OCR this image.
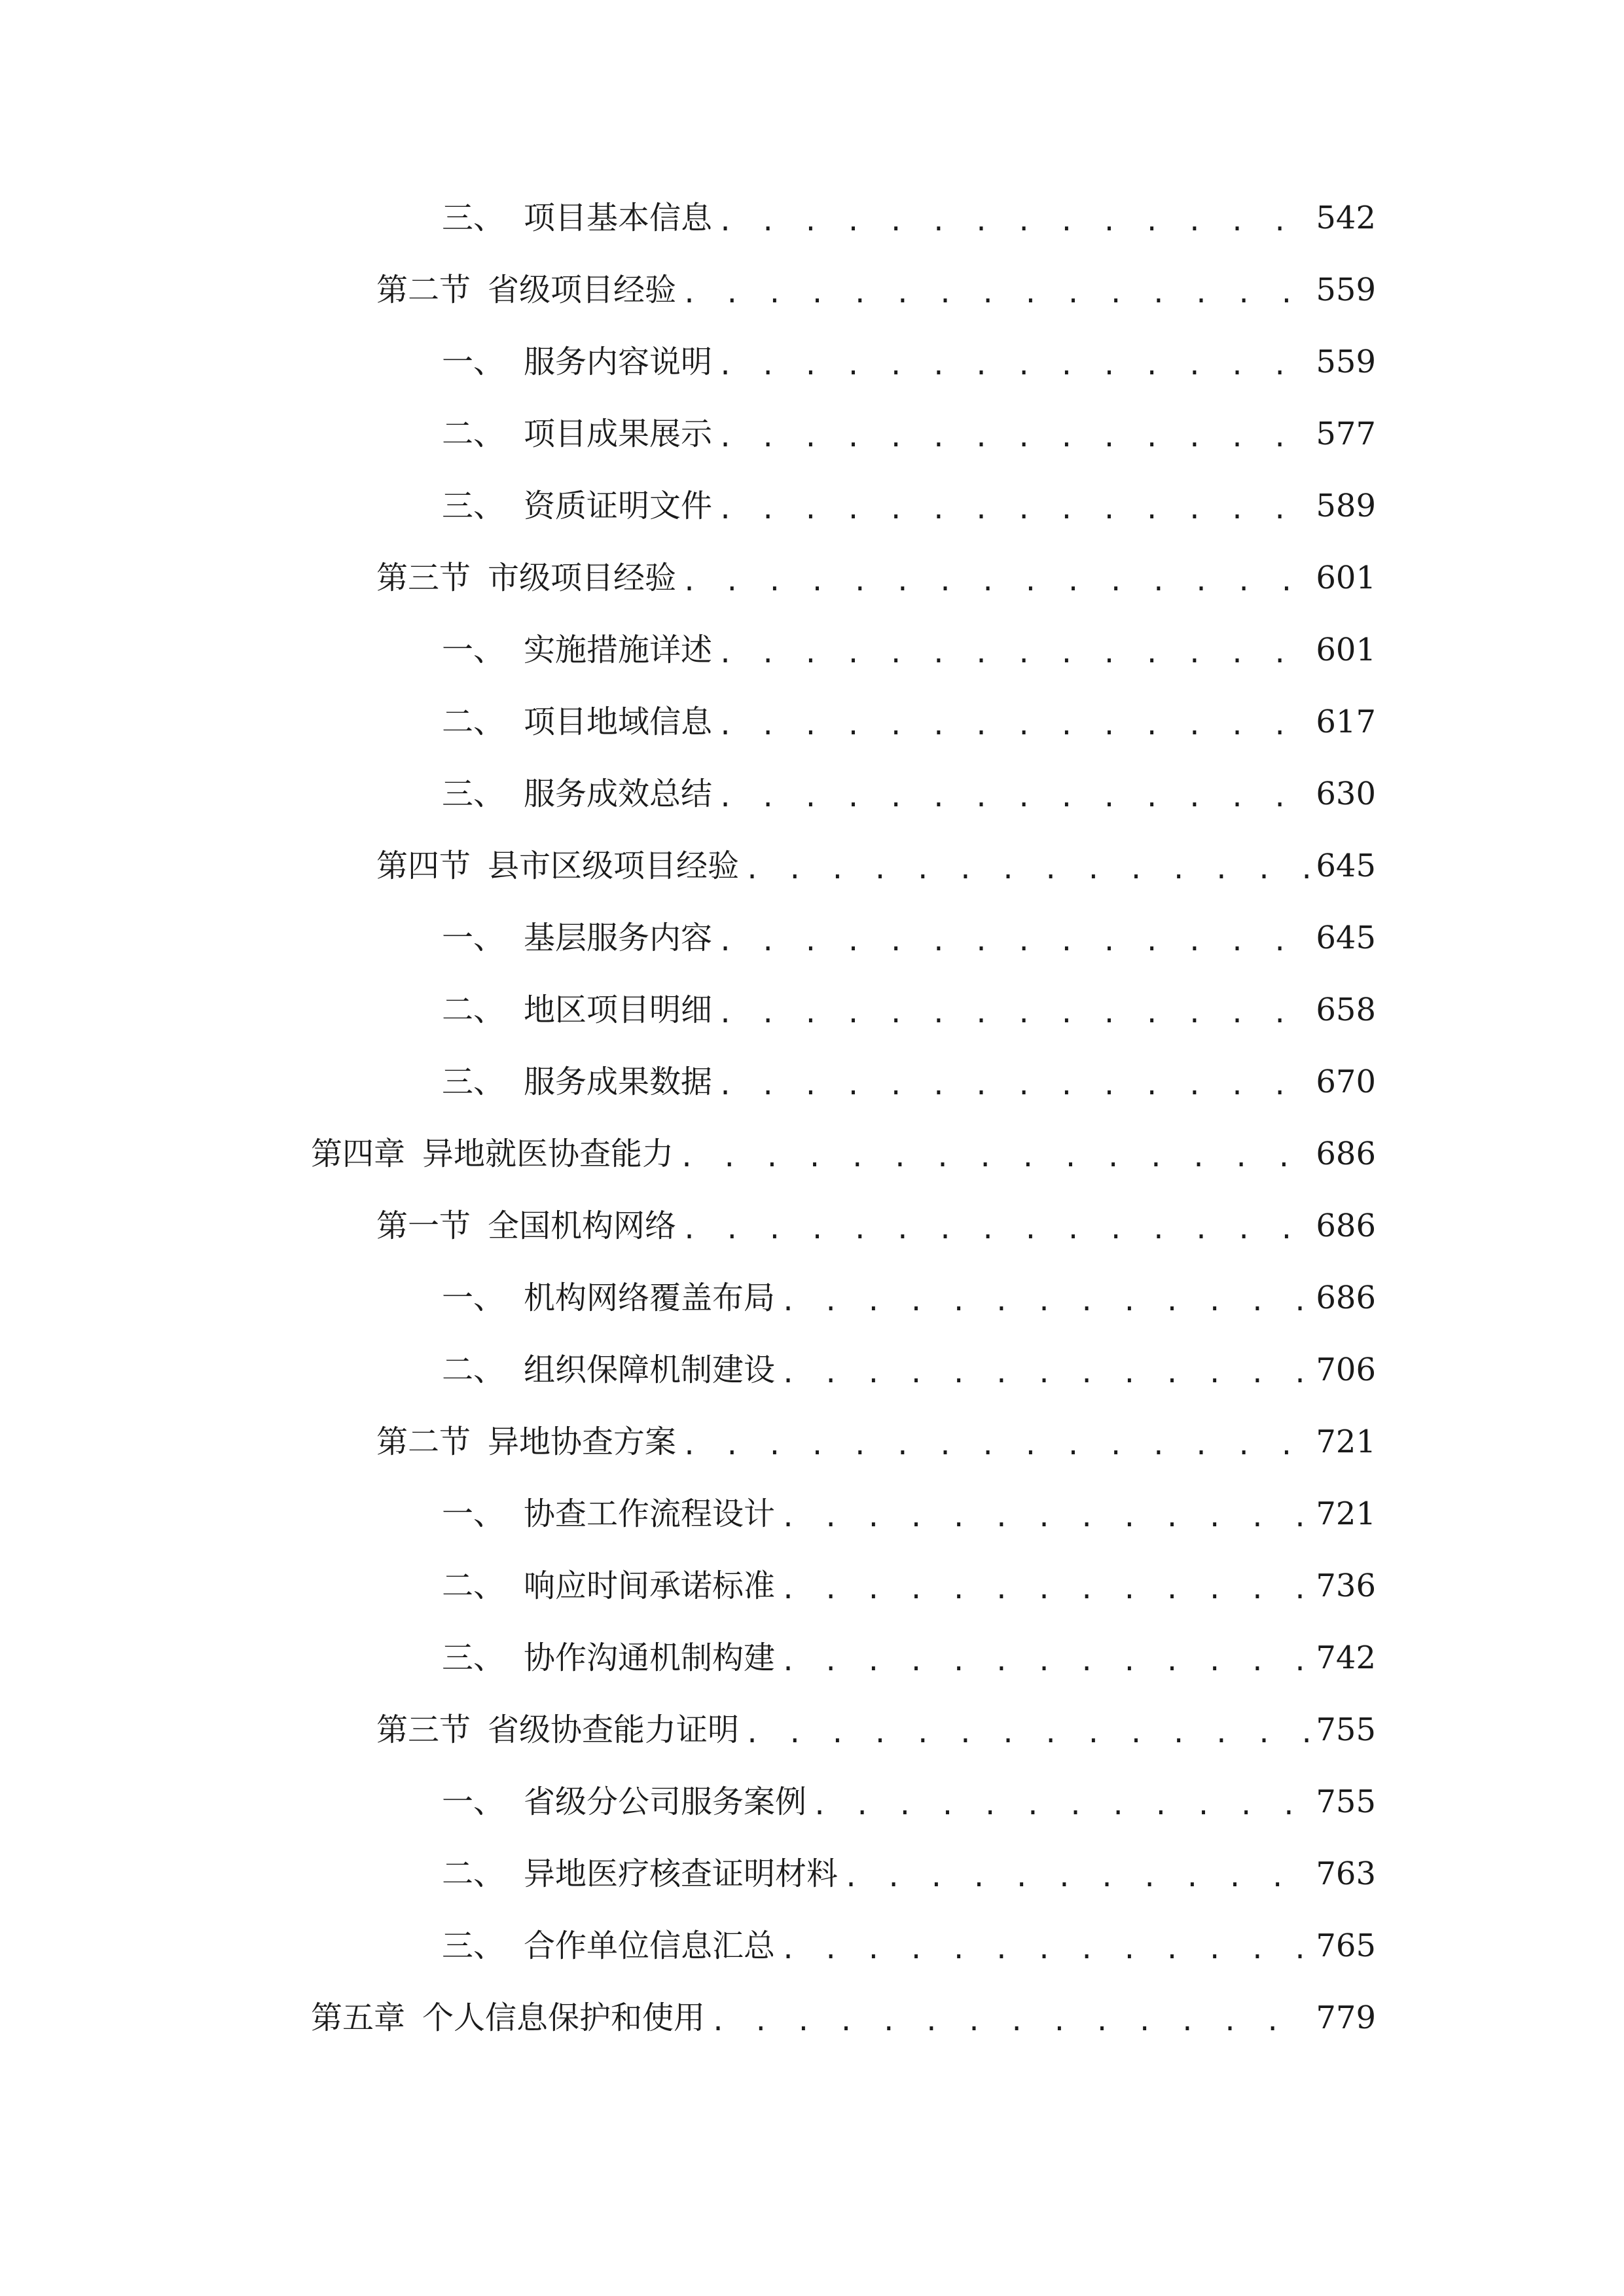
三、 项目基本信息 . . .	542
第二节 省级项目经验 . . .	559
一、 服务内容说明 . . .	559
二、 项目成果展示 . . .	577
三、 资质证明文件 . . .	589
第三节 市级项目经验 . . .	601
一、 实施措施详述 . . .	601
二、 项目地域信息 . . .	617
三、 服务成效总结 . . .	630
第四节 县市区级项目经验 . . .	645
一、 基层服务内容 . . .	645
二、 地区项目明细 . . .	658
三、 服务成果数据 . . .	670
第四章 异地就医协查能力 . . .	686
第一节 全国机构网络 . . .	686
一、 机构网络覆盖布局 . . .	686
二、 组织保障机制建设 . . .	706
第二节 异地协查方案 . . .	721
一、 协查工作流程设计 . . .	721
二、 响应时间承诺标准 . . .	736
三、 协作沟通机制构建 . . .	742
第三节 省级协查能力证明 . . .	755
一、 省级分公司服务案例 . . .	755
二、 异地医疗核查证明材料 . . .	763
三、 合作单位信息汇总 . . .	765
第五章 个人信息保护和使用 . . .	779
